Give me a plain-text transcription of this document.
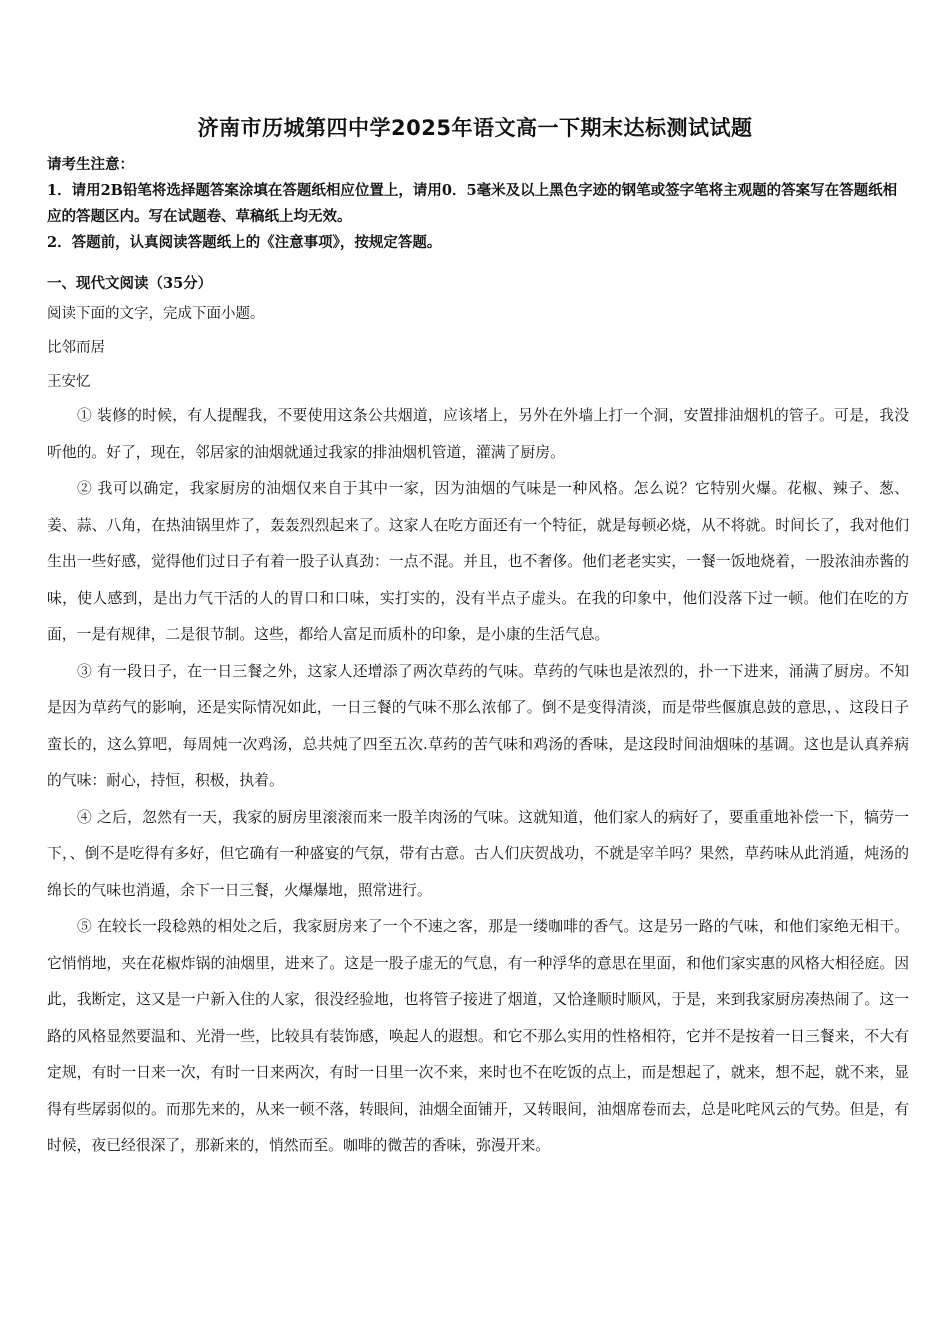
济南市历城第四中学2025年语文高一下期末达标测试试题

请考生注意：

1．请用2B铅笔将选择题答案涂填在答题纸相应位置上，请用0．5毫米及以上黑色字迹的钢笔或签字笔将主观题的答案写在答题纸相应的答题区内。写在试题卷、草稿纸上均无效。

2．答题前，认真阅读答题纸上的《注意事项》，按规定答题。

一、现代文阅读（35分）
阅读下面的文字，完成下面小题。
比邻而居
王安忆

① 装修的时候，有人提醒我，不要使用这条公共烟道，应该堵上，另外在外墙上打一个洞，安置排油烟机的管子。可是，我没听他的。好了，现在，邻居家的油烟就通过我家的排油烟机管道，灌满了厨房。

② 我可以确定，我家厨房的油烟仅来自于其中一家，因为油烟的气味是一种风格。怎么说？它特别火爆。花椒、辣子、葱、姜、蒜、八角，在热油锅里炸了，轰轰烈烈起来了。这家人在吃方面还有一个特征，就是每顿必烧，从不将就。时间长了，我对他们生出一些好感，觉得他们过日子有着一股子认真劲：一点不混。并且，也不奢侈。他们老老实实，一餐一饭地烧着，一股浓油赤酱的味，使人感到，是出力气干活的人的胃口和口味，实打实的，没有半点子虚头。在我的印象中，他们没落下过一顿。他们在吃的方面，一是有规律，二是很节制。这些，都给人富足而质朴的印象，是小康的生活气息。

③ 有一段日子，在一日三餐之外，这家人还增添了两次草药的气味。草药的气味也是浓烈的，扑一下进来，涌满了厨房。不知是因为草药气的影响，还是实际情况如此，一日三餐的气味不那么浓郁了。倒不是变得清淡，而是带些偃旗息鼓的意思，、这段日子蛮长的，这么算吧，每周炖一次鸡汤，总共炖了四至五次.草药的苦气味和鸡汤的香味，是这段时间油烟味的基调。这也是认真养病的气味：耐心，持恒，积极，执着。

④ 之后，忽然有一天，我家的厨房里滚滚而来一股羊肉汤的气味。这就知道，他们家人的病好了，要重重地补偿一下，犒劳一下，、倒不是吃得有多好，但它确有一种盛宴的气氛，带有古意。古人们庆贺战功，不就是宰羊吗？果然，草药味从此消遁，炖汤的绵长的气味也消遁，余下一日三餐，火爆爆地，照常进行。

⑤ 在较长一段稔熟的相处之后，我家厨房来了一个不速之客，那是一缕咖啡的香气。这是另一路的气味，和他们家绝无相干。它悄悄地，夹在花椒炸锅的油烟里，进来了。这是一股子虚无的气息，有一种浮华的意思在里面，和他们家实惠的风格大相径庭。因此，我断定，这又是一户新入住的人家，很没经验地，也将管子接进了烟道，又恰逢顺时顺风，于是，来到我家厨房凑热闹了。这一路的风格显然要温和、光滑一些，比较具有装饰感，唤起人的遐想。和它不那么实用的性格相符，它并不是按着一日三餐来，不大有定规，有时一日来一次，有时一日来两次，有时一日里一次不来，来时也不在吃饭的点上，而是想起了，就来，想不起，就不来，显得有些孱弱似的。而那先来的，从来一顿不落，转眼间，油烟全面铺开，又转眼间，油烟席卷而去，总是叱咤风云的气势。但是，有时候，夜已经很深了，那新来的，悄然而至。咖啡的微苦的香味，弥漫开来。
